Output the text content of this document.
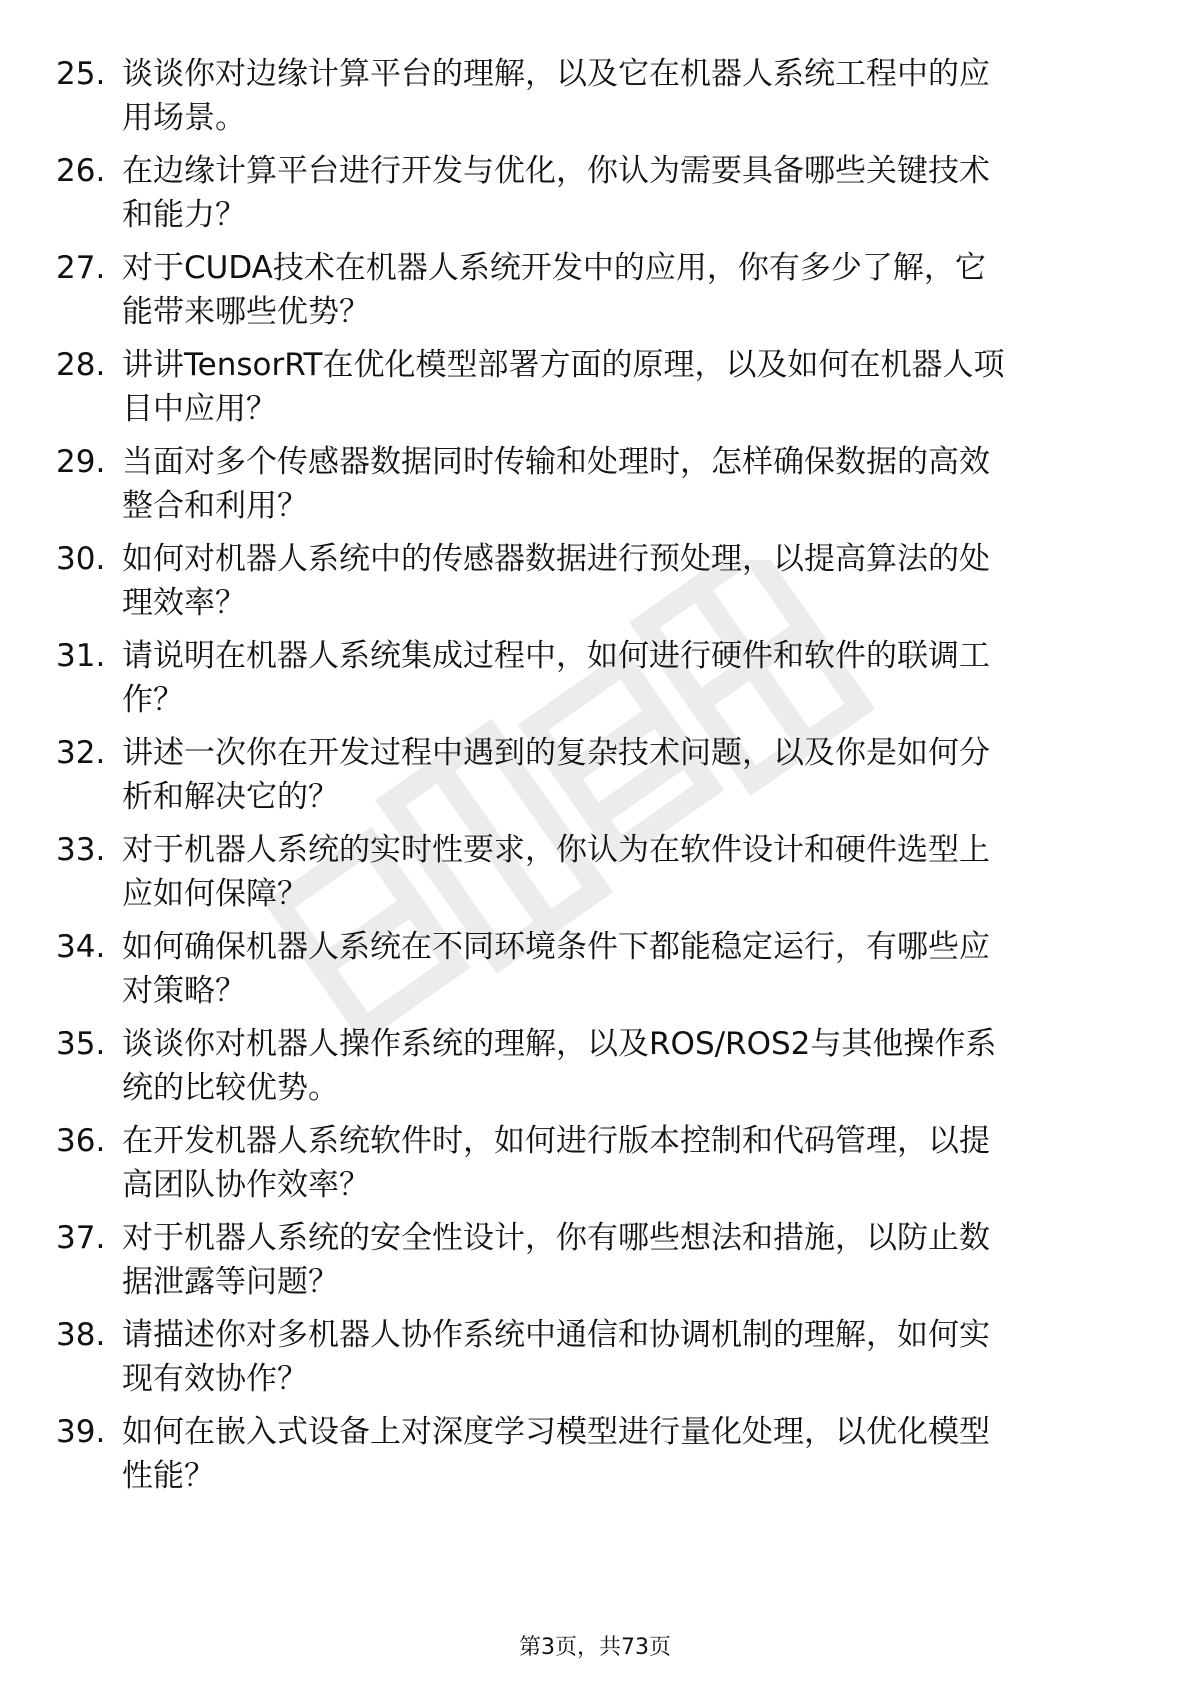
25. 谈谈你对边缘计算平台的理解，以及它在机器人系统工程中的应
用场景。
26. 在边缘计算平台进行开发与优化，你认为需要具备哪些关键技术
和能力？
27. 对于CUDA技术在机器人系统开发中的应用，你有多少了解，它
能带来哪些优势？
28. 讲讲TensorRT在优化模型部署方面的原理，以及如何在机器人项
目中应用？
29. 当面对多个传感器数据同时传输和处理时，怎样确保数据的高效
整合和利用？
30. 如何对机器人系统中的传感器数据进行预处理，以提高算法的处
理效率？
31. 请说明在机器人系统集成过程中，如何进行硬件和软件的联调工
作？
32. 讲述一次你在开发过程中遇到的复杂技术问题，以及你是如何分
析和解决它的？
33. 对于机器人系统的实时性要求，你认为在软件设计和硬件选型上
应如何保障？
34. 如何确保机器人系统在不同环境条件下都能稳定运行，有哪些应
对策略？
35. 谈谈你对机器人操作系统的理解，以及ROS/ROS2与其他操作系
统的比较优势。
36. 在开发机器人系统软件时，如何进行版本控制和代码管理，以提
高团队协作效率？
37. 对于机器人系统的安全性设计，你有哪些想法和措施，以防止数
据泄露等问题？
38. 请描述你对多机器人协作系统中通信和协调机制的理解，如何实
现有效协作？
39. 如何在嵌入式设备上对深度学习模型进行量化处理，以优化模型
性能？
第3页，共73页
